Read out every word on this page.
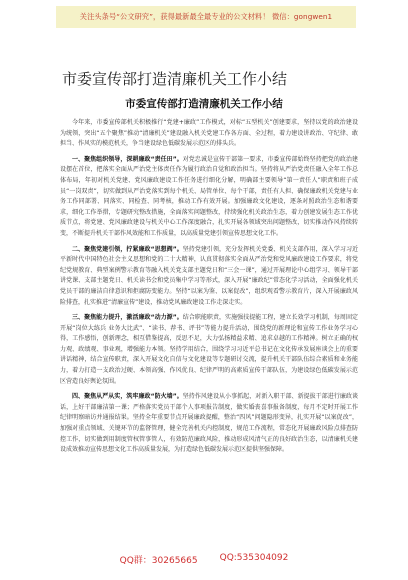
关注头条号“公文研究”，获得最新最全最专业的公文材料！ 微信：gongwen1
市委宣传部打造清廉机关工作小结
市委宣传部打造清廉机关工作小结

今年来，市委宣传部机关积极推行“党建+廉政”工作模式，对标“五型机关”创建要求，坚持以党的政治建设为统领，突出“五个聚焦”推动“清廉机关”建设融入机关党建工作各方面、全过程，着力建设讲政治、守纪律、敢担当、作风实的模范机关，争当建设绿色低碳发展示范区的排头兵。

一、聚焦组织领导，深耕廉政“责任田”。对党忠诚是宣传干部第一要求，市委宣传部始终坚持把党的政治建设摆在首位，把落实全面从严治党主体责任作为履行政治自觉和政治担当。坚持将从严治党责任融入全年工作总体布局，年初对机关党建、党风廉政建设工作任务进行细化分解，明确部主要领导“第一责任人”职责和班子成员“一岗双责”，切实做到从严治党落实到每个机关、局管单位、每个干部，责任有人担、确保廉政机关党建与业务工作同部署、同落实、同检查、同考核，推动工作有效开展。加强廉政文化建设，逐条对照政治生态和谐要求，细化工作举措，专题研究整改措施，全面落实问题整改，持续强化机关政治生态，着力创建发展生态工作优质节点，将党建、党风廉政建设与机关中心工作深度融合，扎实开展各领域突出问题整改，切实推动作风持续转变，不断提升机关干部作风效能和工作质量，以高质量党建引领宣传思想文化工作。

二、聚焦党建引领，拧紧廉政“思想阀”。坚持党建引领，充分发挥机关党委、机关支部作用，深入学习习近平新时代中国特色社会主义思想和党的二十大精神，认真贯彻落实全面从严治党和党风廉政建设工作要求，将党纪党规教育、典型案例警示教育等融入机关党支部主题党日和“三会一课”，通过开展理论中心组学习、领导干部讲党课、支部主题党日、机关读书会和党员集中学习等形式，深入开展“廉政纪”常态化学习活动，全面强化机关党员干部的廉洁自律意识和拒腐防变能力。坚持“以案为鉴、以案促改”，组织观看警示教育片，深入开展廉政风险排查，扎实推进“清廉宣传”建设，推动党风廉政建设工作走深走实。

三、聚焦能力提升，激活廉政“动力源”。结合职能职责，实施强技提能工程，建立长效学习机制，每周固定开展“岗位大练兵 业务大比武”、“读书、荐书、评书”等能力提升活动，围绕党的新理论和宣传工作业务学习心得，工作感悟，创新理念，相互借鉴提高，反思不足，大力弘扬精益求精、追求卓越的工作精神。树立正确的权力观、政绩观、事业观，增强能力本领。坚持学用结合，围绕学习习近平总书记在文化传承发展座谈会上的重要讲话精神，结合宣传职责，深入开展文化自信与文化建设等专题研讨交流，提升机关干部队伍综合素质和业务能力，着力打造一支政治过硬、本领高强、作风优良、纪律严明的高素质宣传干部队伍，为建设绿色低碳发展示范区营造良好舆论氛围。

四、聚焦从严从实，筑牢廉政“防火墙”。坚持作风建设从小事抓起，对新入职干部、新提拔干部进行廉政谈话，上好干部廉洁第一课；严格落实党员干部个人事项报告制度，做实婚丧喜事报备制度，每月不定时开展工作纪律明察暗访并通报结果。坚持全年重要节点开展廉政提醒，整治“四风”问题隐形变异，扎实开展“以案促改”，加强对重点领域、关键环节的监督管理，健全完善机关内控制度，规范工作流程，常态化开展廉政风险点排查防控工作，切实做到用制度管权管事管人，有效防范廉政风险，推动形成风清气正的良好政治生态，以清廉机关建设成效推动宣传思想文化工作高质量发展，为打造绿色低碳发展示范区提供坚强保障。

QQ群：30265665 QQ:535304092
